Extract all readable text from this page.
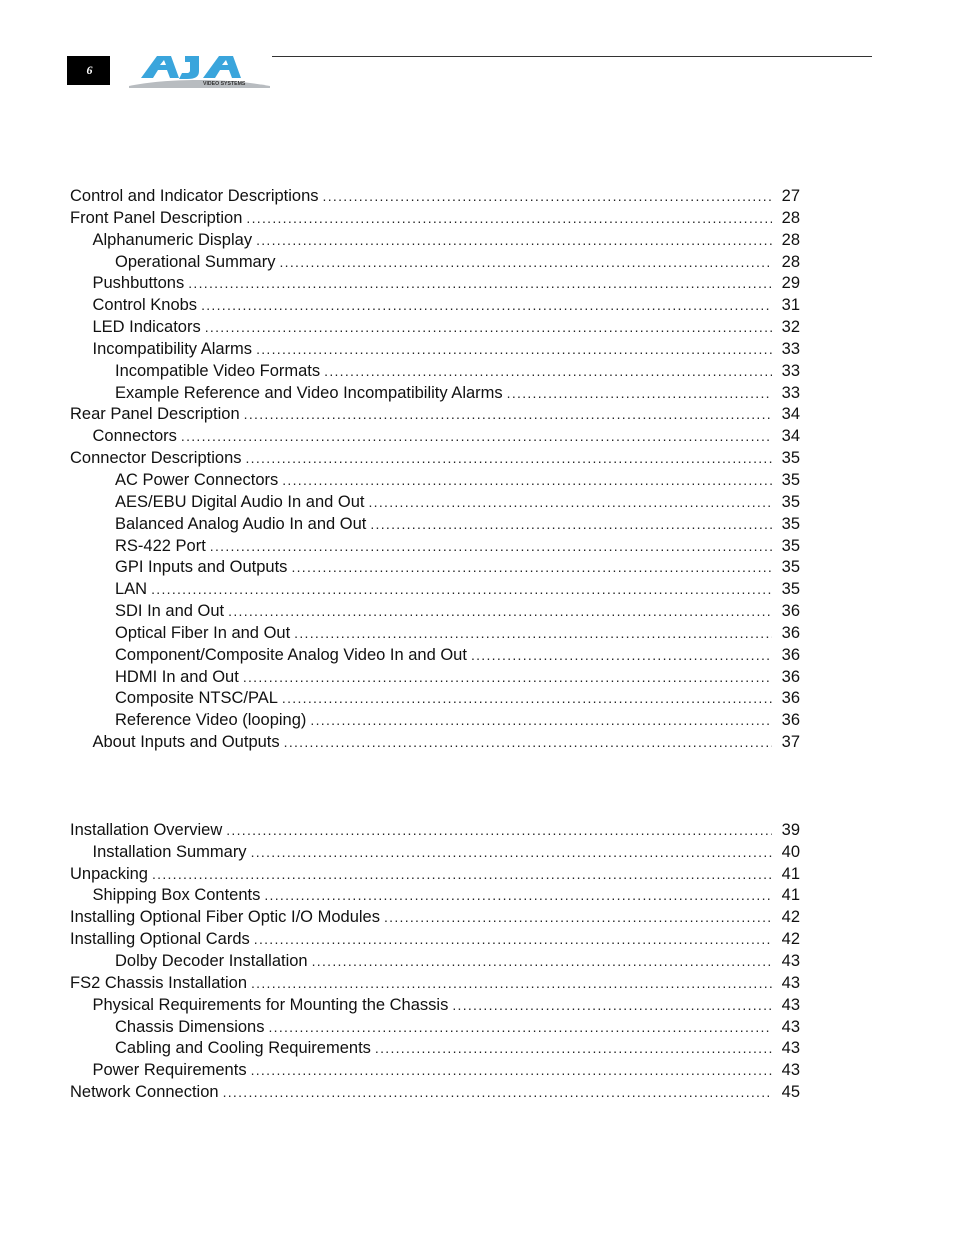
6
VIDEO SYSTEMS
Control and Indicator Descriptions . . .	27
Front Panel Description . . .	28
Alphanumeric Display . . .	28
Operational Summary . . .	28
Pushbuttons . . .	29
Control Knobs . . .	31
LED Indicators . . .	32
Incompatibility Alarms . . .	33
Incompatible Video Formats . . .	33
Example Reference and Video Incompatibility Alarms . . .	33
Rear Panel Description . . .	34
Connectors . . .	34
Connector Descriptions . . .	35
AC Power Connectors . . .	35
AES/EBU Digital Audio In and Out . . .	35
Balanced Analog Audio In and Out . . .	35
RS-422 Port . . .	35
GPI Inputs and Outputs . . .	35
LAN . . .	35
SDI In and Out . . .	36
Optical Fiber In and Out . . .	36
Component/Composite Analog Video In and Out . . .	36
HDMI In and Out . . .	36
Composite NTSC/PAL . . .	36
Reference Video (looping) . . .	36
About Inputs and Outputs . . .	37
Installation Overview . . .	39
Installation Summary . . .	40
Unpacking . . .	41
Shipping Box Contents . . .	41
Installing Optional Fiber Optic I/O Modules . . .	42
Installing Optional Cards . . .	42
Dolby Decoder Installation . . .	43
FS2 Chassis Installation . . .	43
Physical Requirements for Mounting the Chassis . . .	43
Chassis Dimensions . . .	43
Cabling and Cooling Requirements . . .	43
Power Requirements . . .	43
Network Connection . . .	45
